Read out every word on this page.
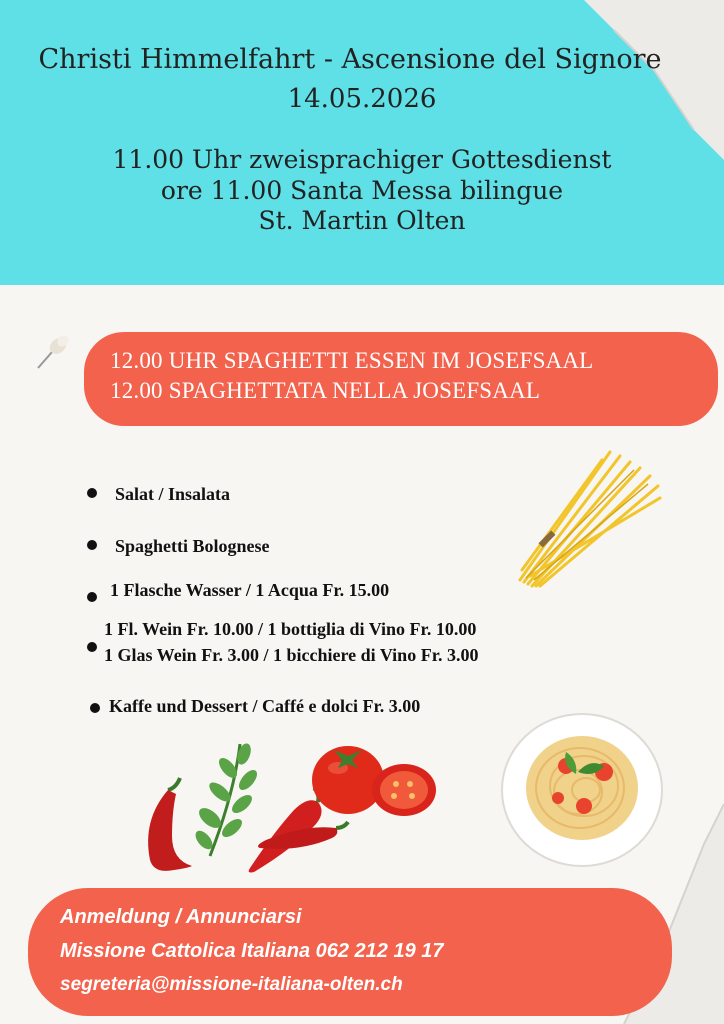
Christi Himmelfahrt - Ascensione del Signore
14.05.2026
11.00 Uhr zweisprachiger Gottesdienst
ore 11.00 Santa Messa bilingue
St. Martin Olten
12.00 UHR SPAGHETTI ESSEN IM JOSEFSAAL
12.00 SPAGHETTATA NELLA JOSEFSAAL
Salat / Insalata
Spaghetti Bolognese
1 Flasche Wasser / 1 Acqua Fr. 15.00
1 Fl. Wein Fr. 10.00 / 1 bottiglia di Vino Fr. 10.00
1 Glas Wein Fr. 3.00 / 1 bicchiere di Vino Fr. 3.00
Kaffe und Dessert / Caffé e dolci Fr. 3.00
Anmeldung / Annunciarsi
Missione Cattolica Italiana 062 212 19 17
segreteria@missione-italiana-olten.ch
